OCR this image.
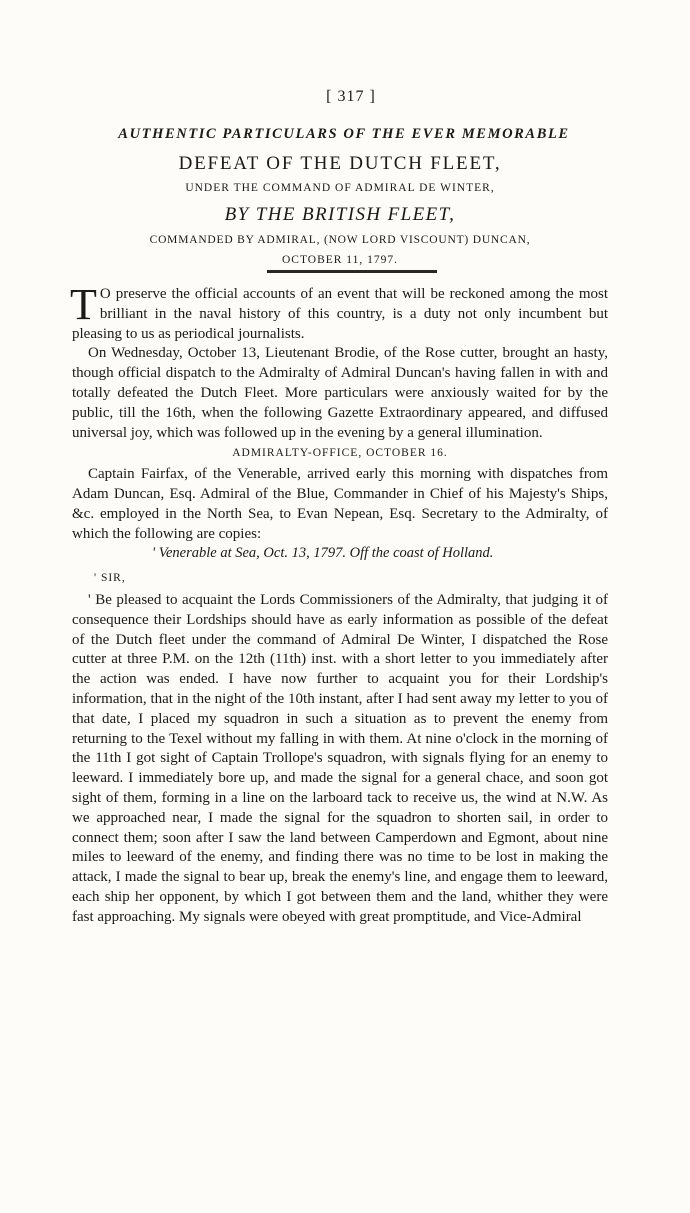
[ 317 ]
AUTHENTIC PARTICULARS OF THE EVER MEMORABLE
DEFEAT OF THE DUTCH FLEET,
UNDER THE COMMAND OF ADMIRAL DE WINTER,
BY THE BRITISH FLEET,
COMMANDED BY ADMIRAL, (NOW LORD VISCOUNT) DUNCAN,
OCTOBER 11, 1797.

T O preserve the official accounts of an event that will be reckoned among the most brilliant in the naval history of this country, is a duty not only incumbent but pleasing to us as periodical journalists.

On Wednesday, October 13, Lieutenant Brodie, of the Rose cutter, brought an hasty, though official dispatch to the Admiralty of Admiral Duncan's having fallen in with and totally defeated the Dutch Fleet. More particulars were anxiously waited for by the public, till the 16th, when the following Gazette Extraordinary appeared, and diffused universal joy, which was followed up in the evening by a general illumination.

ADMIRALTY-OFFICE, OCTOBER 16.

Captain Fairfax, of the Venerable, arrived early this morning with dispatches from Adam Duncan, Esq. Admiral of the Blue, Commander in Chief of his Majesty's Ships, &c. employed in the North Sea, to Evan Nepean, Esq. Secretary to the Admiralty, of which the following are copies:

' Venerable at Sea, Oct. 13, 1797. Off the coast of Holland.
' SIR,

' Be pleased to acquaint the Lords Commissioners of the Admiralty, that judging it of consequence their Lordships should have as early information as possible of the defeat of the Dutch fleet under the command of Admiral De Winter, I dispatched the Rose cutter at three P.M. on the 12th (11th) inst. with a short letter to you immediately after the action was ended. I have now further to acquaint you for their Lordship's information, that in the night of the 10th instant, after I had sent away my letter to you of that date, I placed my squadron in such a situation as to prevent the enemy from returning to the Texel without my falling in with them. At nine o'clock in the morning of the 11th I got sight of Captain Trollope's squadron, with signals flying for an enemy to leeward. I immediately bore up, and made the signal for a general chace, and soon got sight of them, forming in a line on the larboard tack to receive us, the wind at N.W. As we approached near, I made the signal for the squadron to shorten sail, in order to connect them; soon after I saw the land between Camperdown and Egmont, about nine miles to leeward of the enemy, and finding there was no time to be lost in making the attack, I made the signal to bear up, break the enemy's line, and engage them to leeward, each ship her opponent, by which I got between them and the land, whither they were fast approaching. My signals were obeyed with great promptitude, and Vice-Admiral
